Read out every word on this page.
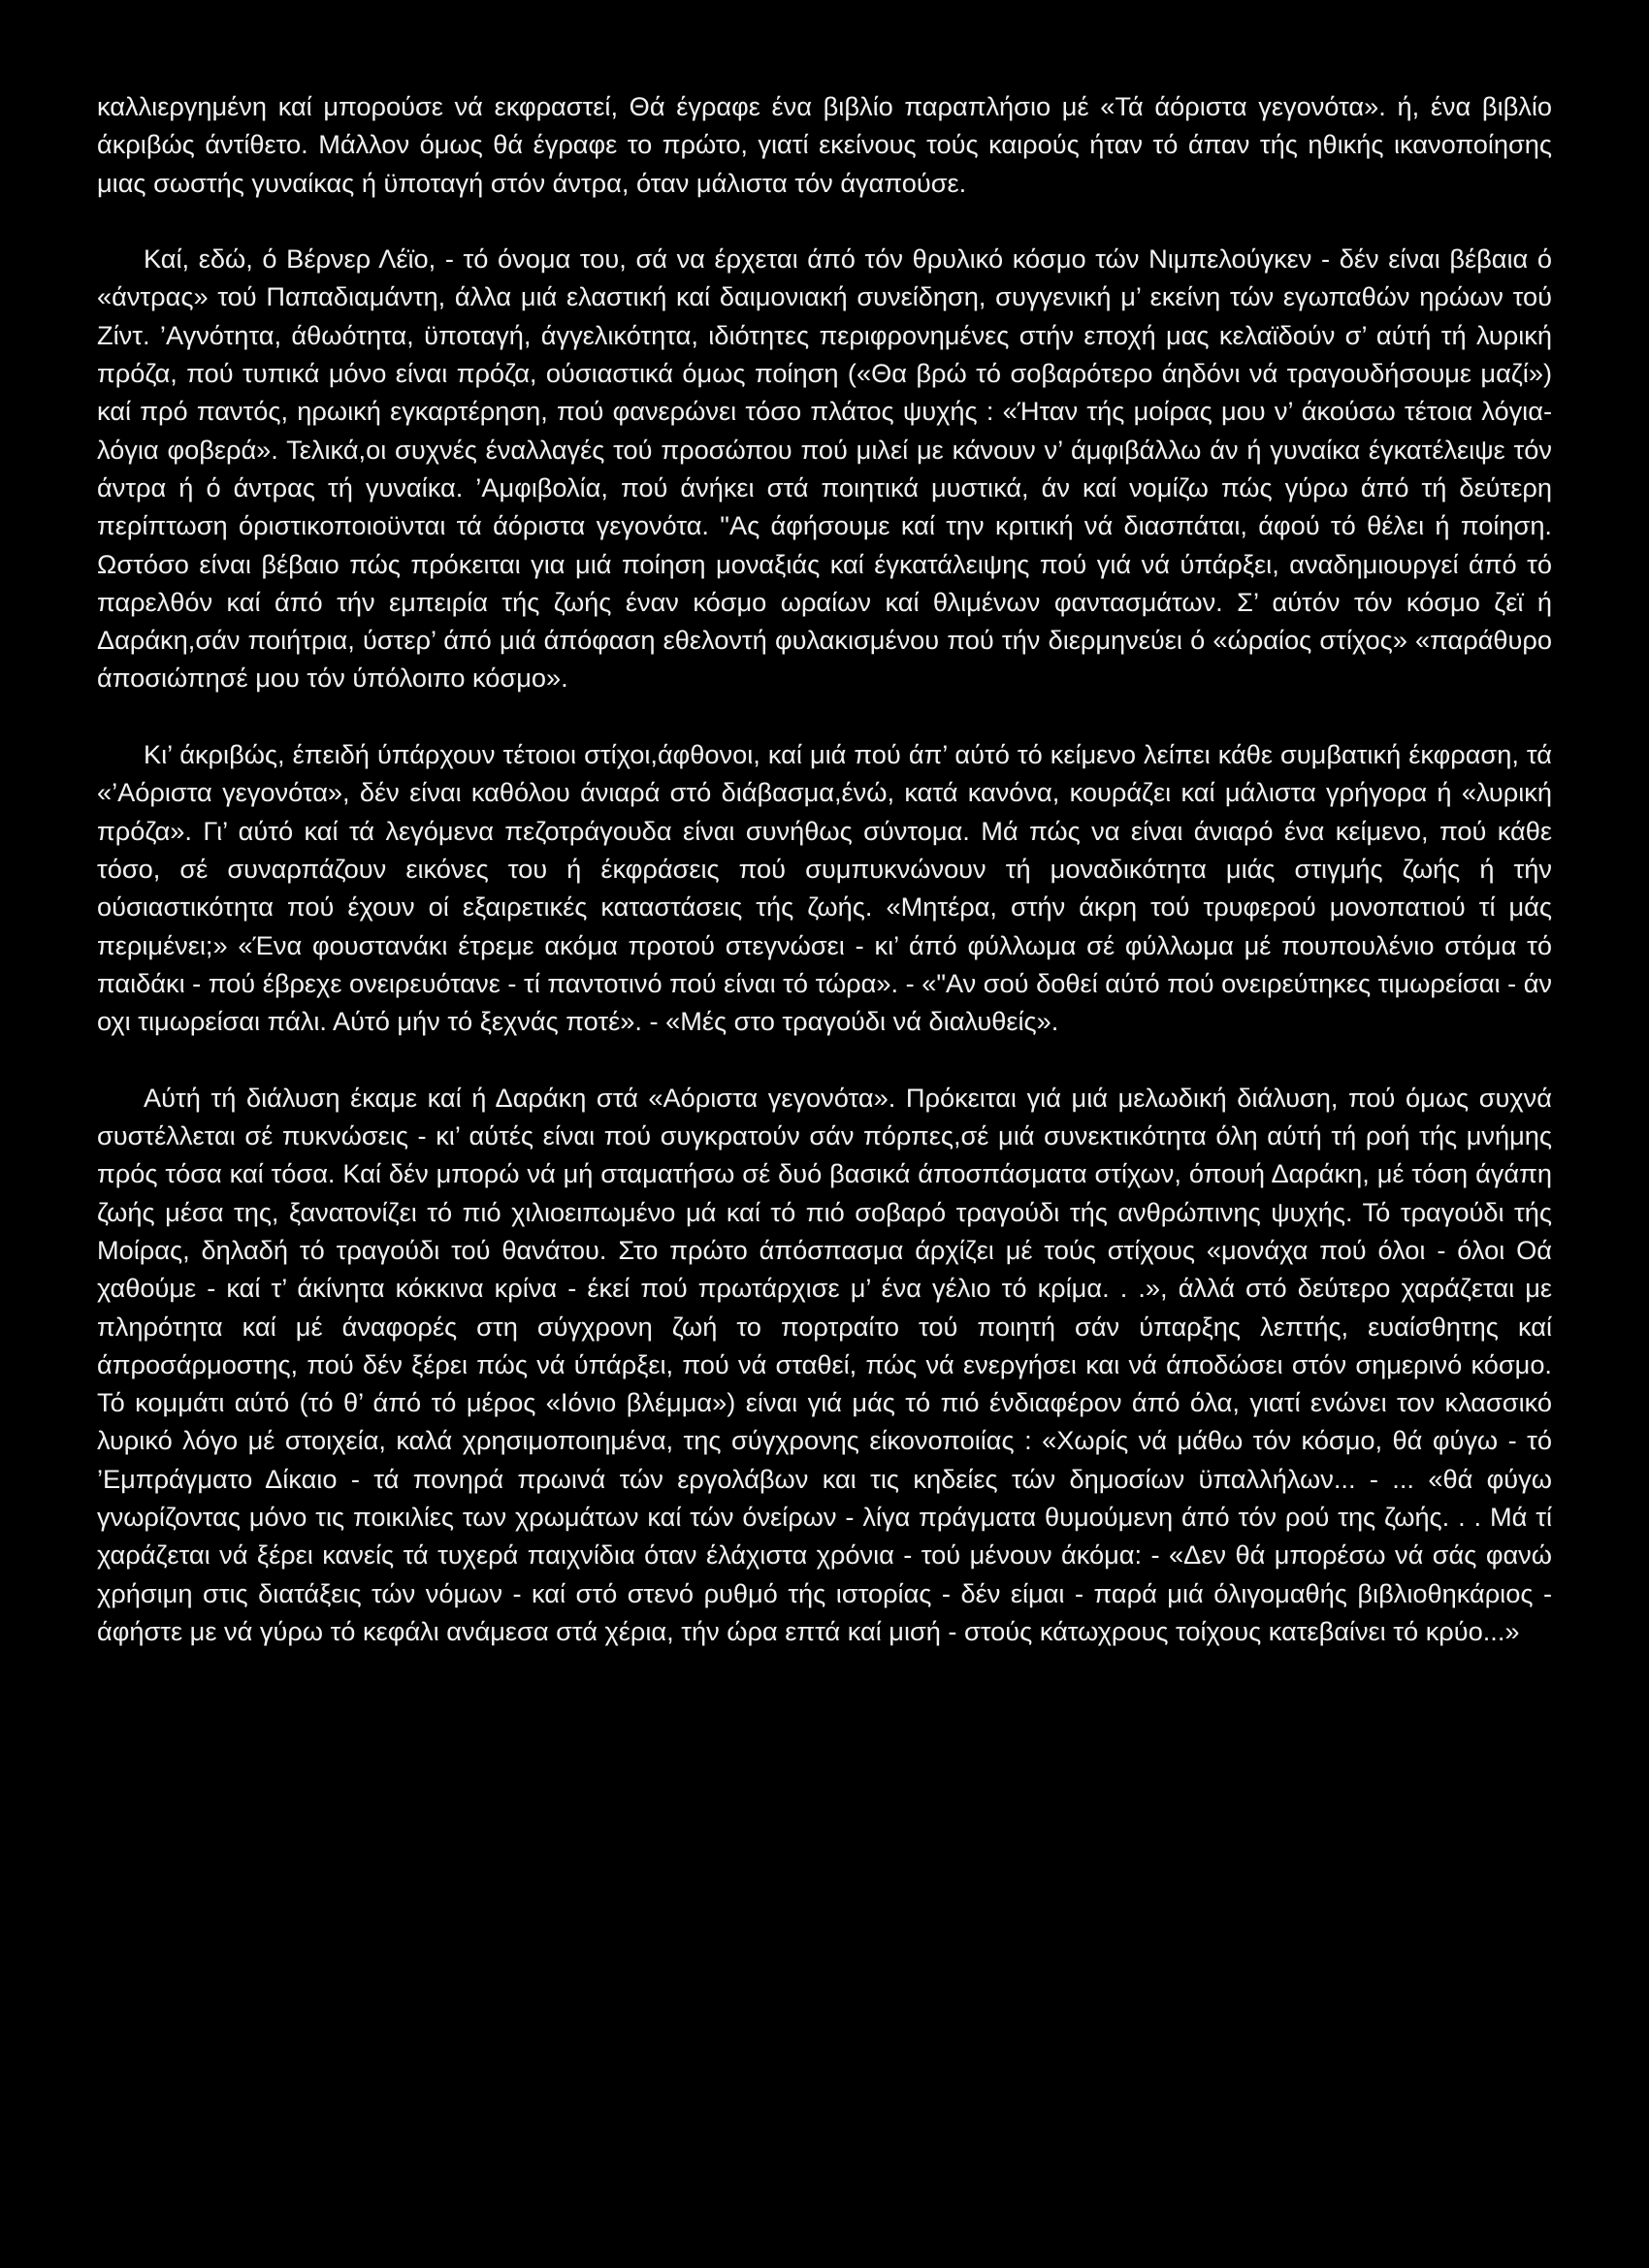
καλλιεργημένη καί μπορούσε νά εκφραστεί, Θά έγραφε ένα βιβλίο παραπλήσιο μέ «Τά άόριστα γεγονότα». ή, ένα βιβλίο άκριβώς άντίθετο. Μάλλον όμως θά έγραφε το πρώτο, γιατί εκείνους τούς καιρούς ήταν τό άπαν τής ηθικής ικανοποίησης μιας σωστής γυναίκας ή ϋποταγή στόν άντρα, όταν μάλιστα τόν άγαπούσε.

Καί, εδώ, ό Βέρνερ Λέϊο, - τό όνομα του, σά να έρχεται άπό τόν θρυλικό κόσμο τών Νιμπελούγκεν - δέν είναι βέβαια ό «άντρας» τού Παπαδιαμάντη, άλλα μιά ελαστική καί δαιμονιακή συνείδηση, συγγενική μ’ εκείνη τών εγωπαθών ηρώων τού Ζίντ. ’Αγνότητα, άθωότητα, ϋποταγή, άγγελικότητα, ιδιότητες περιφρονημένες στήν εποχή μας κελαϊδούν σ’ αύτή τή λυρική πρόζα, πού τυπικά μόνο είναι πρόζα, ούσιαστικά όμως ποίηση («Θα βρώ τό σοβαρότερο άηδόνι νά τραγουδήσουμε μαζί») καί πρό παντός, ηρωική εγκαρτέρηση, πού φανερώνει τόσο πλάτος ψυχής : «Ήταν τής μοίρας μου ν’ άκούσω τέτοια λόγια-λόγια φοβερά». Τελικά,οι συχνές έναλλαγές τού προσώπου πού μιλεί με κάνουν ν’ άμφιβάλλω άν ή γυναίκα έγκατέλειψε τόν άντρα ή ό άντρας τή γυναίκα. ’Αμφιβολία, πού άνήκει στά ποιητικά μυστικά, άν καί νομίζω πώς γύρω άπό τή δεύτερη περίπτωση όριστικοποιοϋνται τά άόριστα γεγονότα. "Ας άφήσουμε καί την κριτική νά διασπάται, άφού τό θέλει ή ποίηση. Ωστόσο είναι βέβαιο πώς πρόκειται για μιά ποίηση μοναξιάς καί έγκατάλειψης πού γιά νά ύπάρξει, αναδημιουργεί άπό τό παρελθόν καί άπό τήν εμπειρία τής ζωής έναν κόσμο ωραίων καί θλιμένων φαντασμάτων. Σ’ αύτόν τόν κόσμο ζεϊ ή Δαράκη,σάν ποιήτρια, ύστερ’ άπό μιά άπόφαση εθελοντή φυλακισμένου πού τήν διερμηνεύει ό «ώραίος στίχος» «παράθυρο άποσιώπησέ μου τόν ύπόλοιπο κόσμο».

Κι’ άκριβώς, έπειδή ύπάρχουν τέτοιοι στίχοι,άφθονοι, καί μιά πού άπ’ αύτό τό κείμενο λείπει κάθε συμβατική έκφραση, τά «’Αόριστα γεγονότα», δέν είναι καθόλου άνιαρά στό διάβασμα,ένώ, κατά κανόνα, κουράζει καί μάλιστα γρήγορα ή «λυρική πρόζα». Γι’ αύτό καί τά λεγόμενα πεζοτράγουδα είναι συνήθως σύντομα. Μά πώς να είναι άνιαρό ένα κείμενο, πού κάθε τόσο, σέ συναρπάζουν εικόνες του ή έκφράσεις πού συμπυκνώνουν τή μοναδικότητα μιάς στιγμής ζωής ή τήν ούσιαστικότητα πού έχουν οί εξαιρετικές καταστάσεις τής ζωής. «Μητέρα, στήν άκρη τού τρυφερού μονοπατιού τί μάς περιμένει;» «Ένα φουστανάκι έτρεμε ακόμα προτού στεγνώσει - κι’ άπό φύλλωμα σέ φύλλωμα μέ πουπουλένιο στόμα τό παιδάκι - πού έβρεχε ονειρευότανε - τί παντοτινό πού είναι τό τώρα». - «"Αν σού δοθεί αύτό πού ονειρεύτηκες τιμωρείσαι - άν οχι τιμωρείσαι πάλι. Αύτό μήν τό ξεχνάς ποτέ». - «Μές στο τραγούδι νά διαλυθείς».

Αύτή τή διάλυση έκαμε καί ή Δαράκη στά «Αόριστα γεγονότα». Πρόκειται γιά μιά μελωδική διάλυση, πού όμως συχνά συστέλλεται σέ πυκνώσεις - κι’ αύτές είναι πού συγκρατούν σάν πόρπες,σέ μιά συνεκτικότητα όλη αύτή τή ροή τής μνήμης πρός τόσα καί τόσα. Καί δέν μπορώ νά μή σταματήσω σέ δυό βασικά άποσπάσματα στίχων, όπουή Δαράκη, μέ τόση άγάπη ζωής μέσα της, ξανατονίζει τό πιό χιλιοειπωμένο μά καί τό πιό σοβαρό τραγούδι τής ανθρώπινης ψυχής. Τό τραγούδι τής Μοίρας, δηλαδή τό τραγούδι τού θανάτου. Στο πρώτο άπόσπασμα άρχίζει μέ τούς στίχους «μονάχα πού όλοι - όλοι Οά χαθούμε - καί τ’ άκίνητα κόκκινα κρίνα - έκεί πού πρωτάρχισε μ’ ένα γέλιο τό κρίμα. . .», άλλά στό δεύτερο χαράζεται με πληρότητα καί μέ άναφορές στη σύγχρονη ζωή το πορτραίτο τού ποιητή σάν ύπαρξης λεπτής, ευαίσθητης καί άπροσάρμοστης, πού δέν ξέρει πώς νά ύπάρξει, πού νά σταθεί, πώς νά ενεργήσει και νά άποδώσει στόν σημερινό κόσμο. Τό κομμάτι αύτό (τό θ’ άπό τό μέρος «Ιόνιο βλέμμα») είναι γιά μάς τό πιό ένδιαφέρον άπό όλα, γιατί ενώνει τον κλασσικό λυρικό λόγο μέ στοιχεία, καλά χρησιμοποιημένα, της σύγχρονης είκονοποιίας : «Χωρίς νά μάθω τόν κόσμο, θά φύγω - τό ’Εμπράγματο Δίκαιο - τά πονηρά πρωινά τών εργολάβων και τις κηδείες τών δημοσίων ϋπαλλήλων... - ... «θά φύγω γνωρίζοντας μόνο τις ποικιλίες των χρωμάτων καί τών όνείρων - λίγα πράγματα θυμούμενη άπό τόν ρού της ζωής. . . Μά τί χαράζεται νά ξέρει κανείς τά τυχερά παιχνίδια όταν έλάχιστα χρόνια - τού μένουν άκόμα: - «Δεν θά μπορέσω νά σάς φανώ χρήσιμη στις διατάξεις τών νόμων - καί στό στενό ρυθμό τής ιστορίας - δέν είμαι - παρά μιά όλιγομαθής βιβλιοθηκάριος - άφήστε με νά γύρω τό κεφάλι ανάμεσα στά χέρια, τήν ώρα επτά καί μισή - στούς κάτωχρους τοίχους κατεβαίνει τό κρύο...»
